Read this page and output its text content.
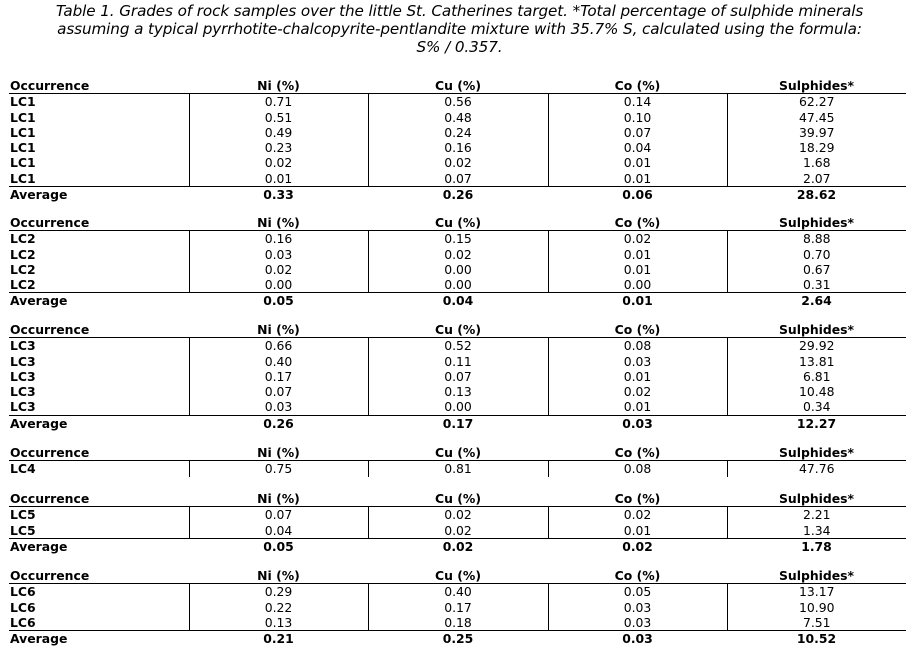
Table 1. Grades of rock samples over the little St. Catherines target. *Total percentage of sulphide minerals
assuming a typical pyrrhotite-chalcopyrite-pentlandite mixture with 35.7% S, calculated using the formula:
S% / 0.357.
Occurrence	Ni (%)	Cu (%)	Co (%)	Sulphides*
LC1	0.71	0.56	0.14	62.27
LC1	0.51	0.48	0.10	47.45
LC1	0.49	0.24	0.07	39.97
LC1	0.23	0.16	0.04	18.29
LC1	0.02	0.02	0.01	1.68
LC1	0.01	0.07	0.01	2.07
Average	0.33	0.26	0.06	28.62
Occurrence	Ni (%)	Cu (%)	Co (%)	Sulphides*
LC2	0.16	0.15	0.02	8.88
LC2	0.03	0.02	0.01	0.70
LC2	0.02	0.00	0.01	0.67
LC2	0.00	0.00	0.00	0.31
Average	0.05	0.04	0.01	2.64
Occurrence	Ni (%)	Cu (%)	Co (%)	Sulphides*
LC3	0.66	0.52	0.08	29.92
LC3	0.40	0.11	0.03	13.81
LC3	0.17	0.07	0.01	6.81
LC3	0.07	0.13	0.02	10.48
LC3	0.03	0.00	0.01	0.34
Average	0.26	0.17	0.03	12.27
Occurrence	Ni (%)	Cu (%)	Co (%)	Sulphides*
LC4	0.75	0.81	0.08	47.76
Occurrence	Ni (%)	Cu (%)	Co (%)	Sulphides*
LC5	0.07	0.02	0.02	2.21
LC5	0.04	0.02	0.01	1.34
Average	0.05	0.02	0.02	1.78
Occurrence	Ni (%)	Cu (%)	Co (%)	Sulphides*
LC6	0.29	0.40	0.05	13.17
LC6	0.22	0.17	0.03	10.90
LC6	0.13	0.18	0.03	7.51
Average	0.21	0.25	0.03	10.52
